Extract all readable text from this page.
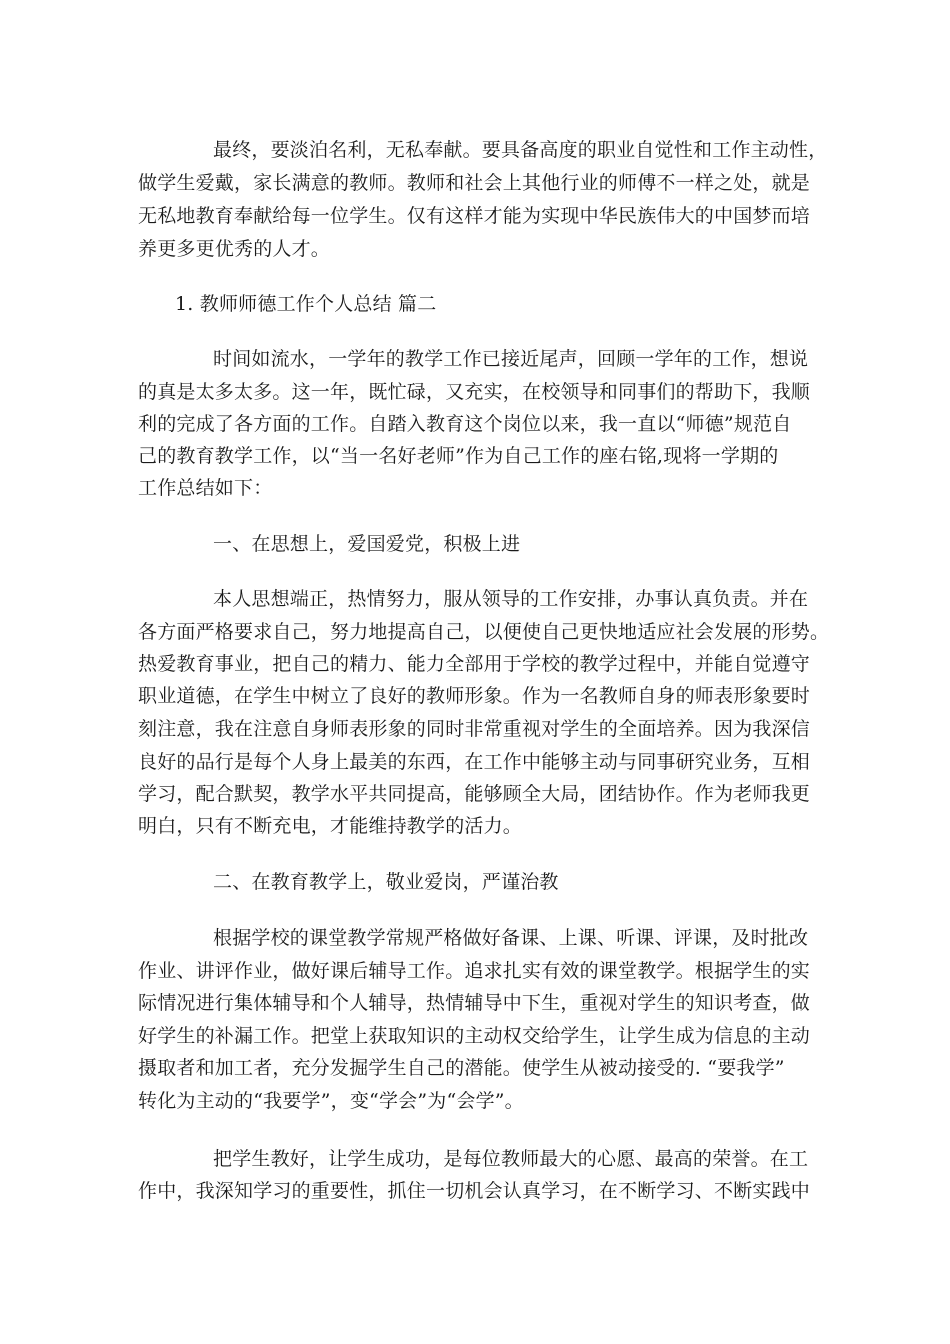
最终，要淡泊名利，无私奉献。要具备高度的职业自觉性和工作主动性，
做学生爱戴，家长满意的教师。教师和社会上其他行业的师傅不一样之处，就是
无私地教育奉献给每一位学生。仅有这样才能为实现中华民族伟大的中国梦而培
养更多更优秀的人才。
1. 教师师德工作个人总结 篇二
时间如流水，一学年的教学工作已接近尾声，回顾一学年的工作，想说
的真是太多太多。这一年，既忙碌，又充实，在校领导和同事们的帮助下，我顺
利的完成了各方面的工作。自踏入教育这个岗位以来，我一直以“师德”规范自
己的教育教学工作，以“当一名好老师”作为自己工作的座右铭,现将一学期的
工作总结如下：
一、在思想上，爱国爱党，积极上进
本人思想端正，热情努力，服从领导的工作安排，办事认真负责。并在
各方面严格要求自己，努力地提高自己，以便使自己更快地适应社会发展的形势。
热爱教育事业，把自己的精力、能力全部用于学校的教学过程中，并能自觉遵守
职业道德，在学生中树立了良好的教师形象。作为一名教师自身的师表形象要时
刻注意，我在注意自身师表形象的同时非常重视对学生的全面培养。因为我深信
良好的品行是每个人身上最美的东西，在工作中能够主动与同事研究业务，互相
学习，配合默契，教学水平共同提高，能够顾全大局，团结协作。作为老师我更
明白，只有不断充电，才能维持教学的活力。
二、在教育教学上，敬业爱岗，严谨治教
根据学校的课堂教学常规严格做好备课、上课、听课、评课，及时批改
作业、讲评作业，做好课后辅导工作。追求扎实有效的课堂教学。根据学生的实
际情况进行集体辅导和个人辅导，热情辅导中下生，重视对学生的知识考查，做
好学生的补漏工作。把堂上获取知识的主动权交给学生，让学生成为信息的主动
摄取者和加工者，充分发掘学生自己的潜能。使学生从被动接受的. “要我学”
转化为主动的“我要学”，变“学会”为“会学”。
把学生教好，让学生成功，是每位教师最大的心愿、最高的荣誉。在工
作中，我深知学习的重要性，抓住一切机会认真学习，在不断学习、不断实践中
